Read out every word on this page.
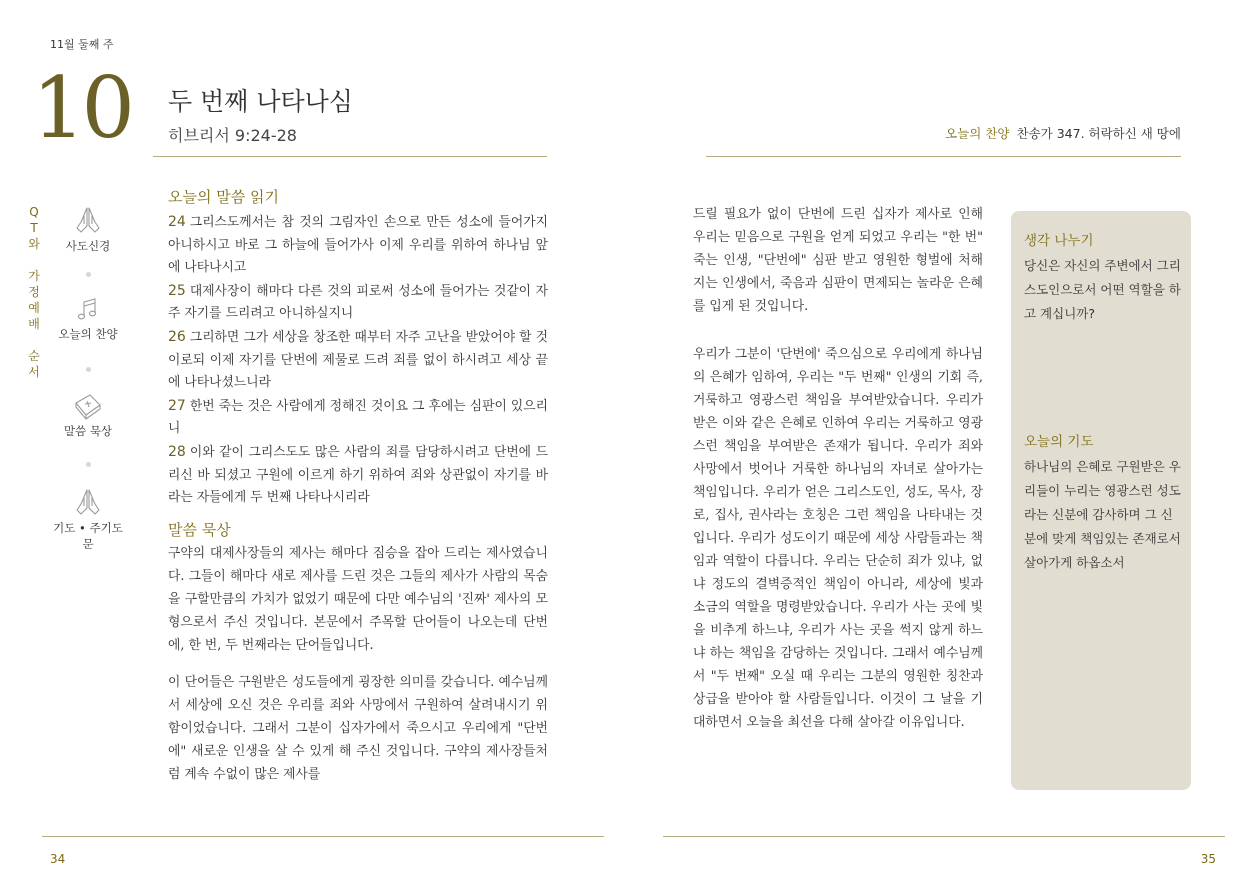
11월 둘째 주
10 두 번째 나타나심
히브리서 9:24-28	오늘의 찬양 찬송가 347. 허락하신 새 땅에
Q
T
와
가
정
예
배
순
서
사도신경
오늘의 찬양
말씀 묵상
기도 • 주기도문
오늘의 말씀 읽기
24 그리스도께서는 참 것의 그림자인 손으로 만든 성소에 들어가지 아니하시고 바로 그 하늘에 들어가사 이제 우리를 위하여 하나님 앞에 나타나시고
25 대제사장이 해마다 다른 것의 피로써 성소에 들어가는 것같이 자주 자기를 드리려고 아니하실지니
26 그리하면 그가 세상을 창조한 때부터 자주 고난을 받았어야 할 것이로되 이제 자기를 단번에 제물로 드려 죄를 없이 하시려고 세상 끝에 나타나셨느니라
27 한번 죽는 것은 사람에게 정해진 것이요 그 후에는 심판이 있으리니
28 이와 같이 그리스도도 많은 사람의 죄를 담당하시려고 단번에 드리신 바 되셨고 구원에 이르게 하기 위하여 죄와 상관없이 자기를 바라는 자들에게 두 번째 나타나시리라
말씀 묵상

구약의 대제사장들의 제사는 해마다 짐승을 잡아 드리는 제사였습니다. 그들이 해마다 새로 제사를 드린 것은 그들의 제사가 사람의 목숨을 구할만큼의 가치가 없었기 때문에 다만 예수님의 '진짜' 제사의 모형으로서 주신 것입니다. 본문에서 주목할 단어들이 나오는데 단번에, 한 번, 두 번째라는 단어들입니다.

이 단어들은 구원받은 성도들에게 굉장한 의미를 갖습니다. 예수님께서 세상에 오신 것은 우리를 죄와 사망에서 구원하여 살려내시기 위함이었습니다. 그래서 그분이 십자가에서 죽으시고 우리에게 "단번에" 새로운 인생을 살 수 있게 해 주신 것입니다. 구약의 제사장들처럼 계속 수없이 많은 제사를

드릴 필요가 없이 단번에 드린 십자가 제사로 인해 우리는 믿음으로 구원을 얻게 되었고 우리는 "한 번" 죽는 인생, "단번에" 심판 받고 영원한 형벌에 처해지는 인생에서, 죽음과 심판이 면제되는 놀라운 은혜를 입게 된 것입니다.

우리가 그분이 '단번에' 죽으심으로 우리에게 하나님의 은혜가 임하여, 우리는 "두 번째" 인생의 기회 즉, 거룩하고 영광스런 책임을 부여받았습니다. 우리가 받은 이와 같은 은혜로 인하여 우리는 거룩하고 영광스런 책임을 부여받은 존재가 됩니다. 우리가 죄와 사망에서 벗어나 거룩한 하나님의 자녀로 살아가는 책임입니다. 우리가 얻은 그리스도인, 성도, 목사, 장로, 집사, 권사라는 호칭은 그런 책임을 나타내는 것입니다. 우리가 성도이기 때문에 세상 사람들과는 책임과 역할이 다릅니다. 우리는 단순히 죄가 있냐, 없냐 정도의 결벽증적인 책임이 아니라, 세상에 빛과 소금의 역할을 명령받았습니다. 우리가 사는 곳에 빛을 비추게 하느냐, 우리가 사는 곳을 썩지 않게 하느냐 하는 책임을 감당하는 것입니다. 그래서 예수님께서 "두 번째" 오실 때 우리는 그분의 영원한 칭찬과 상급을 받아야 할 사람들입니다. 이것이 그 날을 기대하면서 오늘을 최선을 다해 살아갈 이유입니다.

생각 나누기
당신은 자신의 주변에서 그리스도인으로서 어떤 역할을 하고 계십니까?
오늘의 기도
하나님의 은혜로 구원받은 우리들이 누리는 영광스런 성도라는 신분에 감사하며 그 신분에 맞게 책임있는 존재로서 살아가게 하옵소서
34	35
